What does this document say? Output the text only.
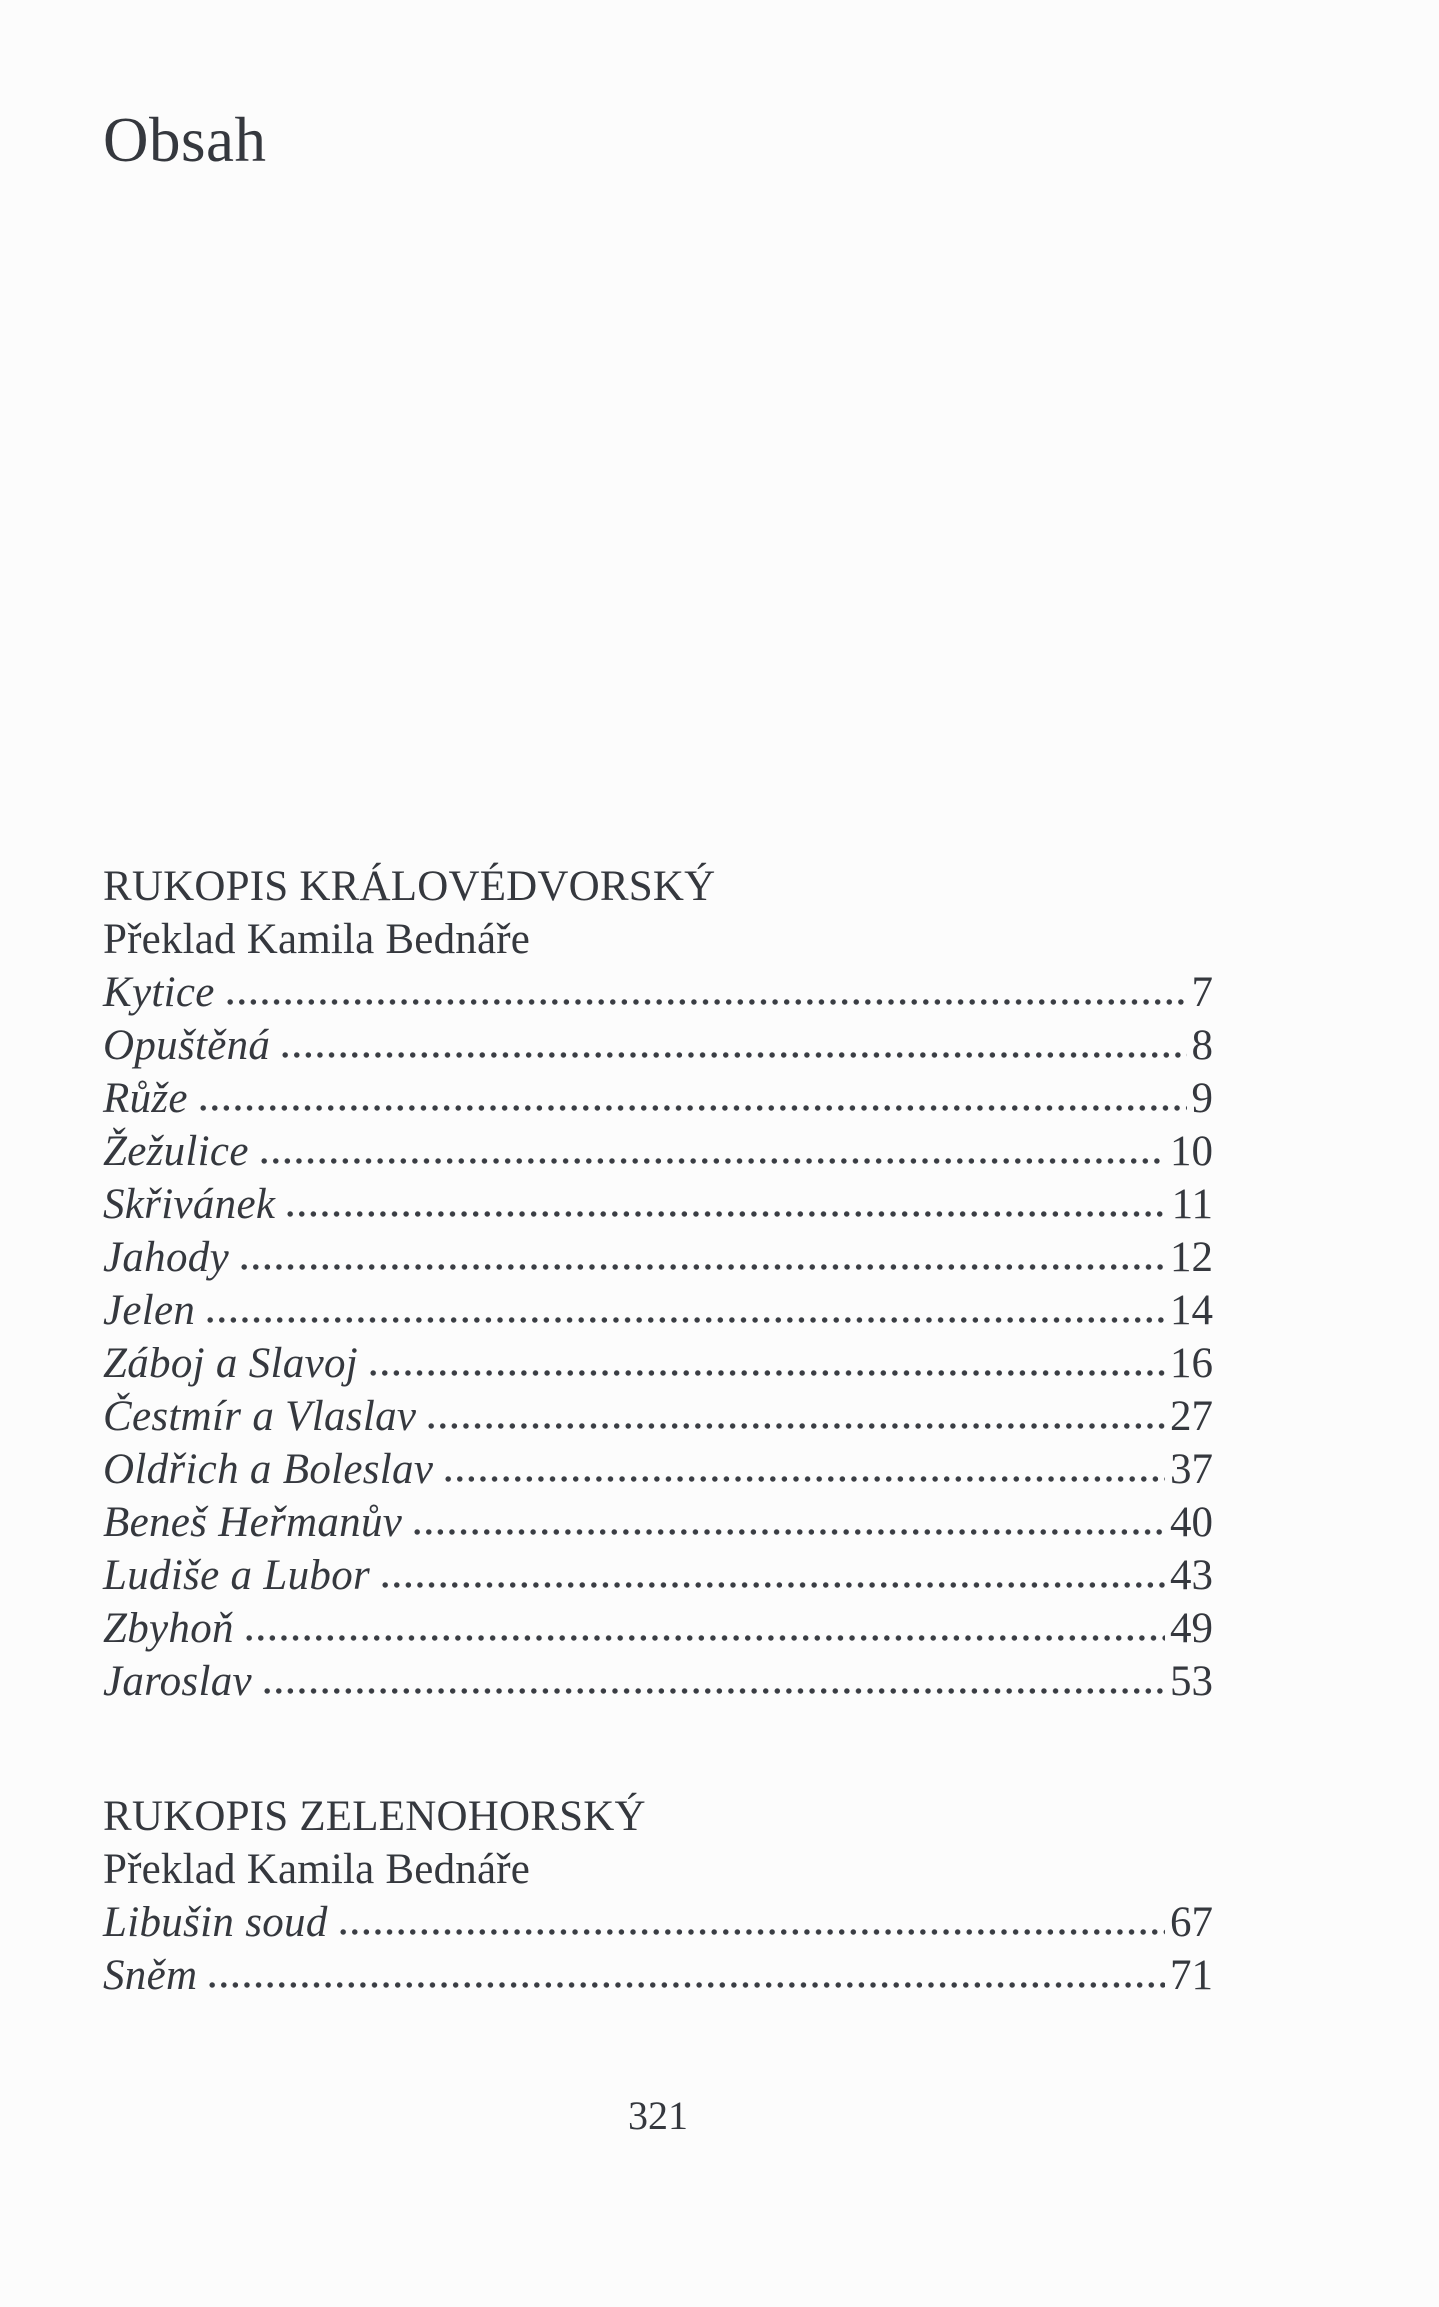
Obsah
RUKOPIS KRÁLOVÉDVORSKÝ
Překlad Kamila Bednáře
Kytice	7
Opuštěná	8
Růže	9
Žežulice	10
Skřivánek	11
Jahody	12
Jelen	14
Záboj a Slavoj	16
Čestmír a Vlaslav	27
Oldřich a Boleslav	37
Beneš Heřmanův	40
Ludiše a Lubor	43
Zbyhoň	49
Jaroslav	53
RUKOPIS ZELENOHORSKÝ
Překlad Kamila Bednáře
Libušin soud	67
Sněm	71
321
